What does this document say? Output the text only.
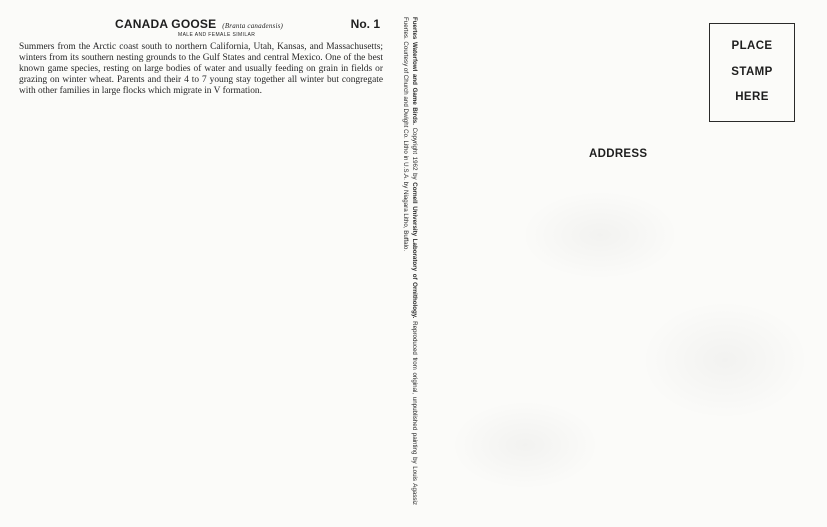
CANADA GOOSE (Branta canadensis)	No. 1
MALE AND FEMALE SIMILAR

Summers from the Arctic coast south to northern California, Utah, Kansas, and Massachusetts; winters from its southern nesting grounds to the Gulf States and central Mexico. One of the best known game species, resting on large bodies of water and usually feeding on grain in fields or grazing on winter wheat. Parents and their 4 to 7 young stay together all winter but congregate with other families in large flocks which migrate in V formation.	Fuertes Waterfowl and Game Birds. Copyright 1962 by Cornell University Laboratory of Ornithology. Reproduced from original, unpublished painting by Louis Agassiz Fuertes. Courtesy of Church and Dwight Co. Litho in U.S.A. by Niagara Litho, Buffalo.	PLACE
STAMP
HERE
ADDRESS
